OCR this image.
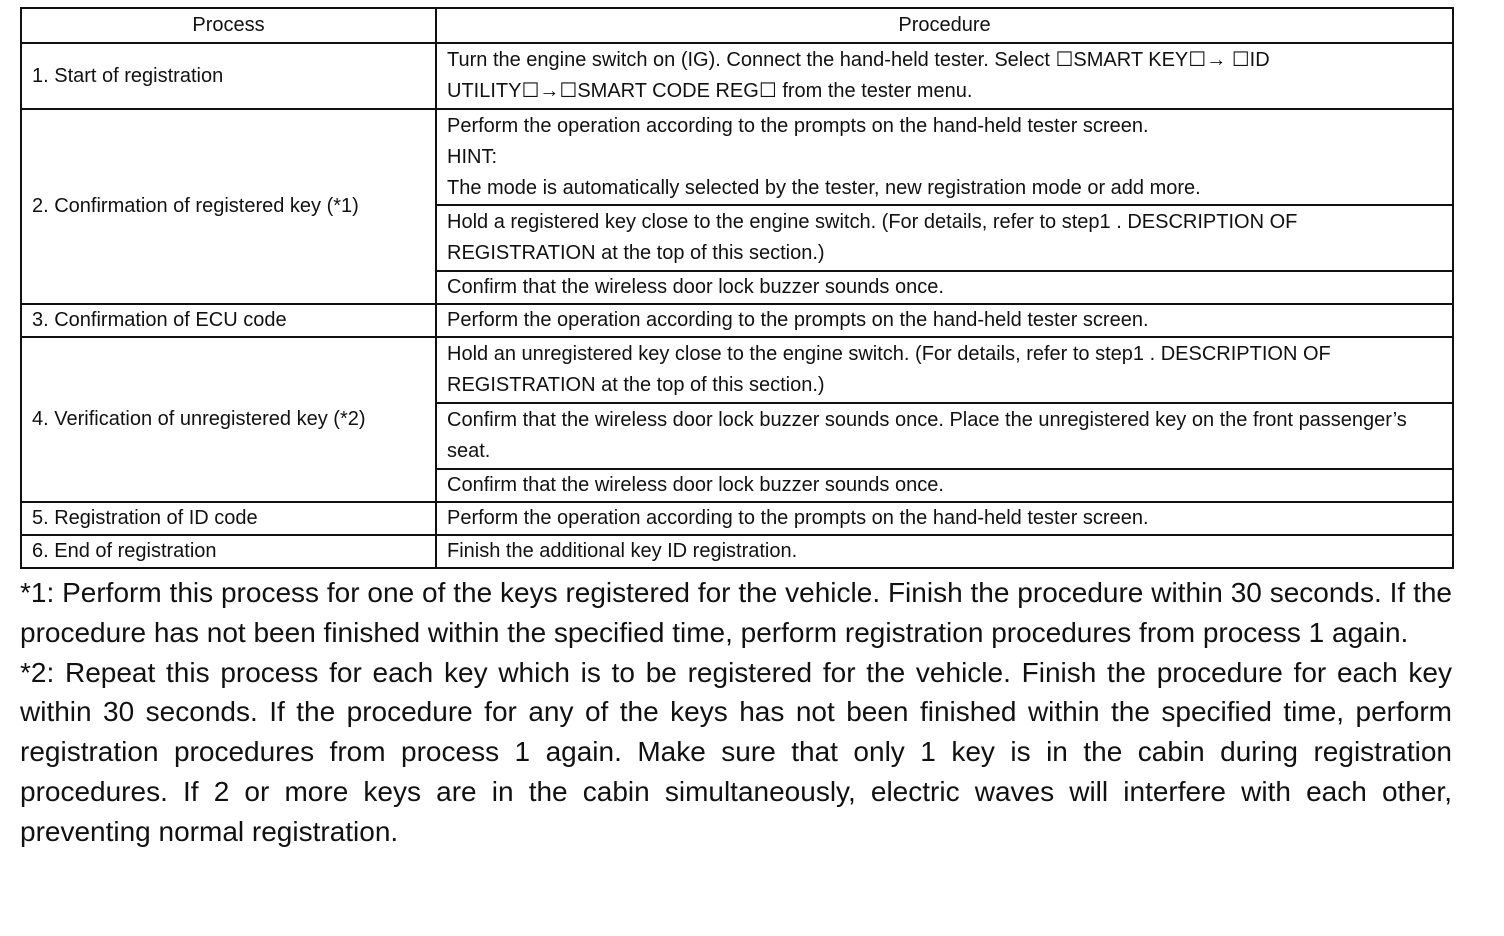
Process	Procedure
1. Start of registration	Turn the engine switch on (IG). Connect the hand-held tester. Select ☐SMART KEY☐→ ☐ID UTILITY☐→☐SMART CODE REG☐ from the tester menu.
2. Confirmation of registered key (*1)	Perform the operation according to the prompts on the hand-held tester screen.
HINT:
The mode is automatically selected by the tester, new registration mode or add more.

	Hold a registered key close to the engine switch. (For details, refer to step1 . DESCRIPTION OF REGISTRATION at the top of this section.)
	Confirm that the wireless door lock buzzer sounds once.
3. Confirmation of ECU code	Perform the operation according to the prompts on the hand-held tester screen.
4. Verification of unregistered key (*2)	Hold an unregistered key close to the engine switch. (For details, refer to step1 . DESCRIPTION OF REGISTRATION at the top of this section.)
	Confirm that the wireless door lock buzzer sounds once. Place the unregistered key on the front passenger’s seat.
	Confirm that the wireless door lock buzzer sounds once.
5. Registration of ID code	Perform the operation according to the prompts on the hand-held tester screen.
6. End of registration	Finish the additional key ID registration.

*1: Perform this process for one of the keys registered for the vehicle. Finish the procedure within 30 seconds. If the procedure has not been finished within the specified time, perform registration procedures from process 1 again.

*2: Repeat this process for each key which is to be registered for the vehicle. Finish the procedure for each key within 30 seconds. If the procedure for any of the keys has not been finished within the specified time, perform registration procedures from process 1 again. Make sure that only 1 key is in the cabin during registration procedures. If 2 or more keys are in the cabin simultaneously, electric waves will interfere with each other, preventing normal registration.
